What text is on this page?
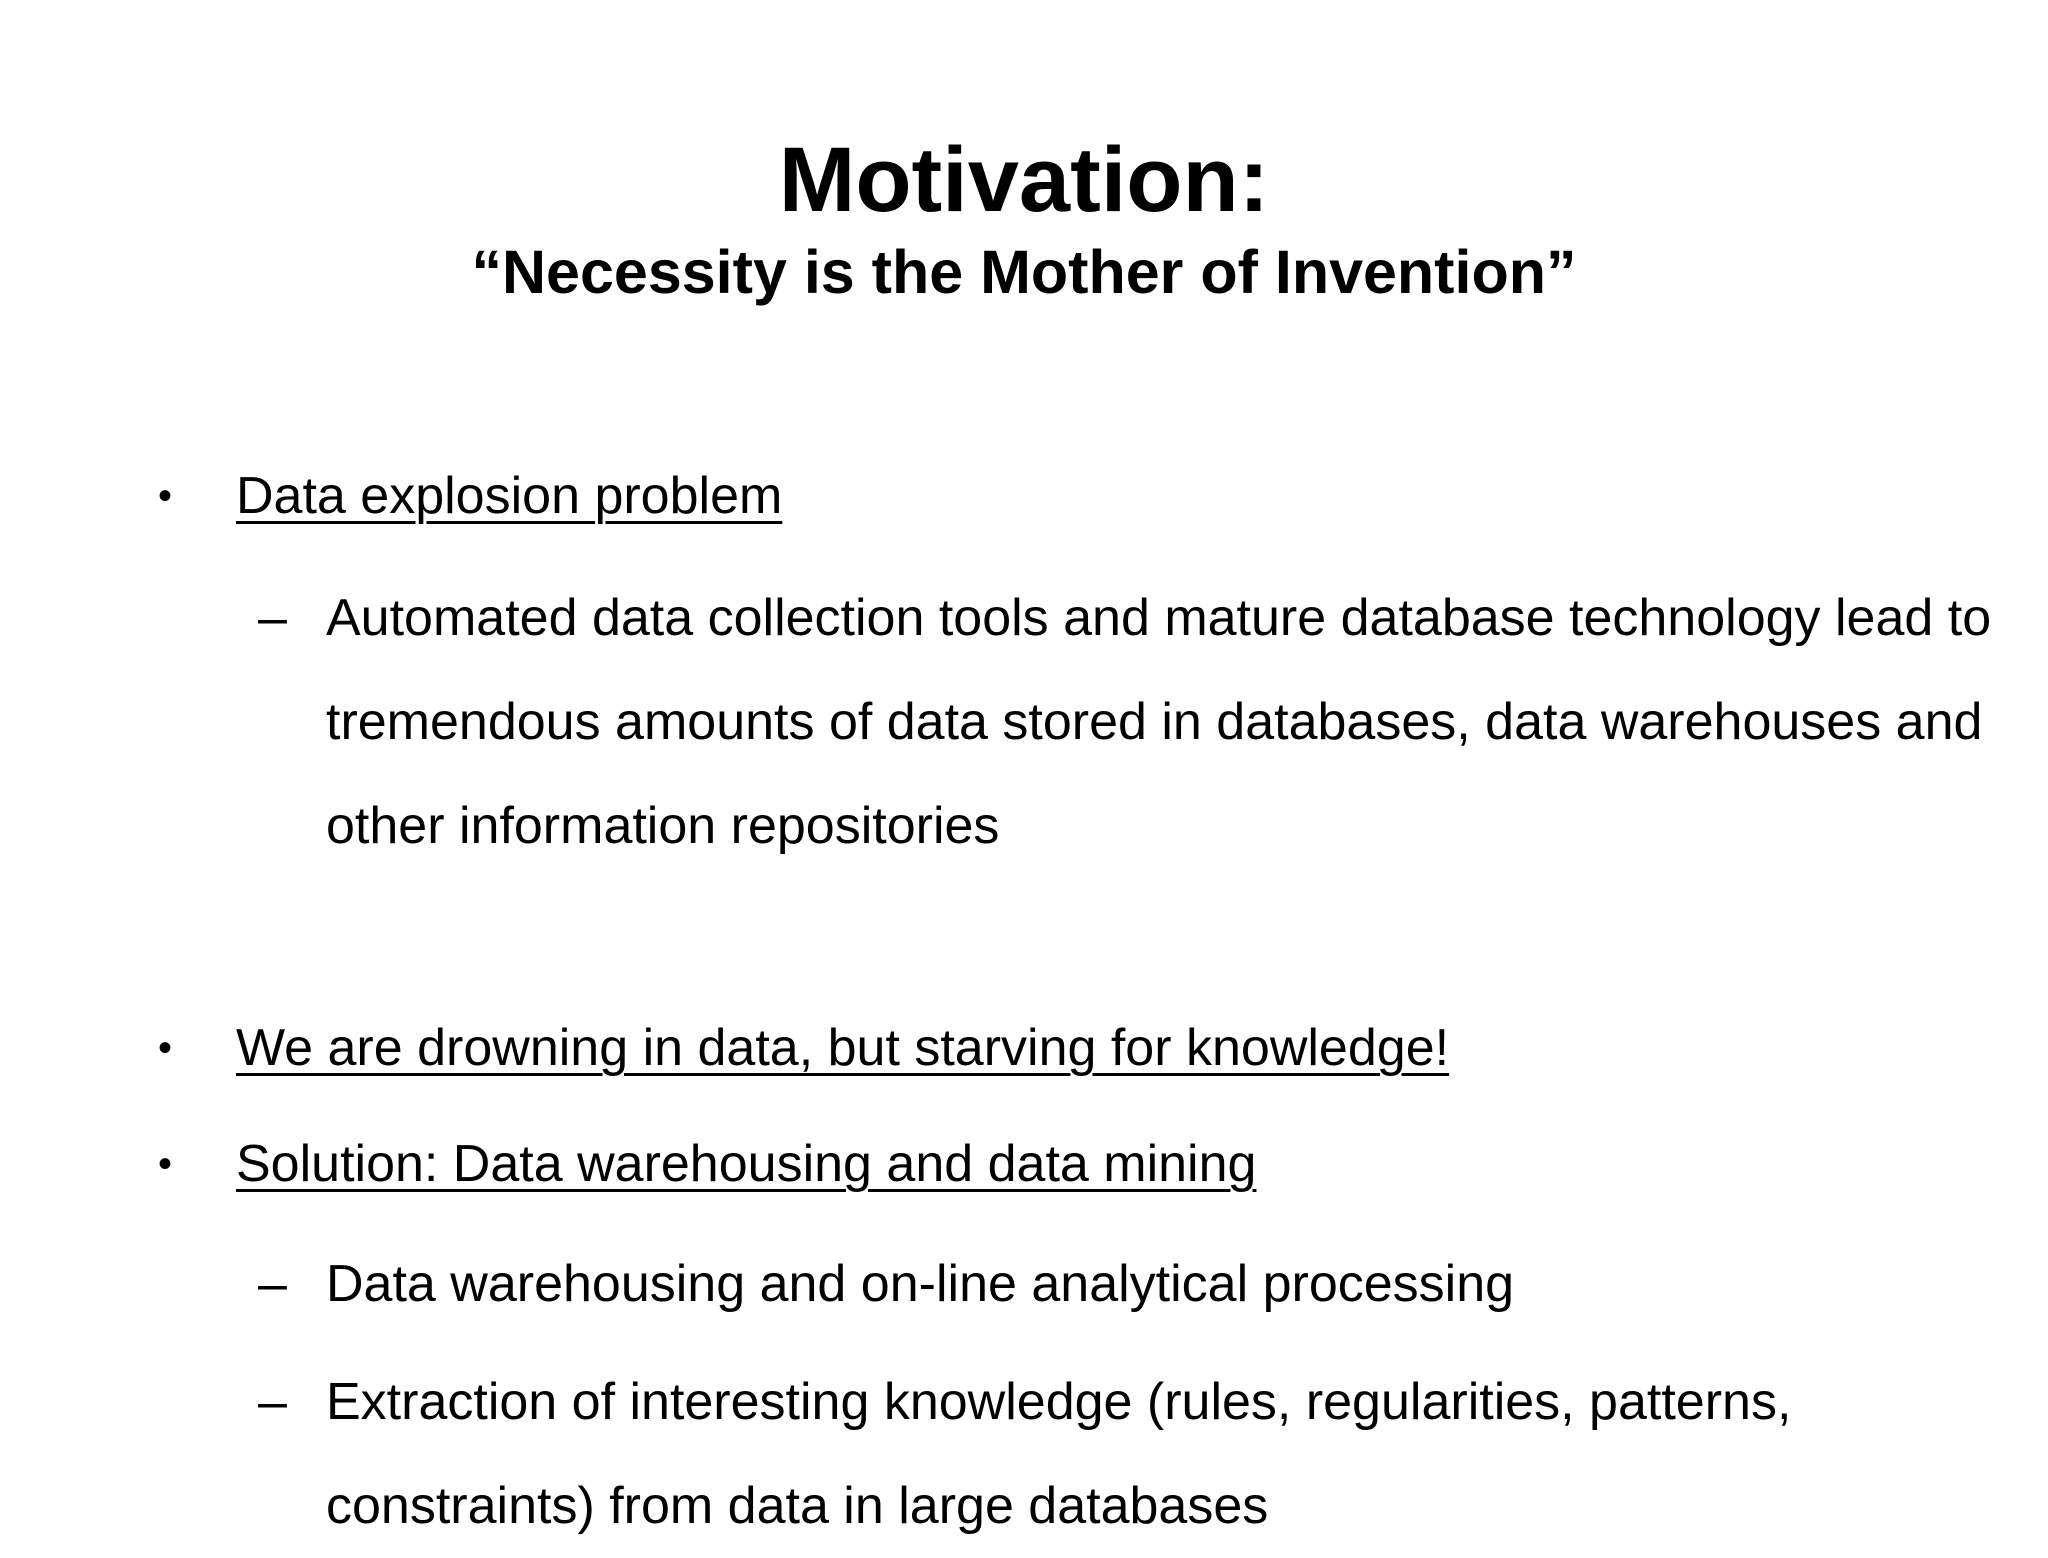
Motivation:
“Necessity is the Mother of Invention”
• Data explosion problem
– Automated data collection tools and mature database technology lead to tremendous amounts of data stored in databases, data warehouses and other information repositories
• We are drowning in data, but starving for knowledge!
• Solution: Data warehousing and data mining
– Data warehousing and on-line analytical processing
– Extraction of interesting knowledge (rules, regularities, patterns, constraints) from data in large databases
